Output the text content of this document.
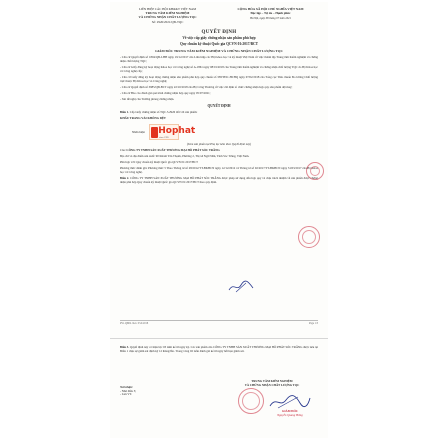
LIÊN HIỆP CÁC HỘI KH&KT VIỆT NAM
TRUNG TÂM KIỂM NGHIỆM
VÀ CHỨNG NHẬN CHẤT LƯỢNG TQC
Số: 2926/2021/QĐ-TQC
CỘNG HÒA XÃ HỘI CHỦ NGHĨA VIỆT NAM
Độc lập – Tự do – Hạnh phúc
Hà Nội, ngày 08 tháng 07 năm 2021
QUYẾT ĐỊNH
Về việc cấp giấy chứng nhận sản phẩm phù hợp
Quy chuẩn kỹ thuật Quốc gia QCVN 01:2017/BCT
GIÁM ĐỐC TRUNG TÂM KIỂM NGHIỆM VÀ CHỨNG NHẬN CHẤT LƯỢNG TQC
- Căn cứ Quyết định số 1804/QĐ-LHH ngày 19/12/2017 của Liên hiệp các Hội khoa học và kỹ thuật Việt Nam về việc thành lập Trung tâm Kiểm nghiệm và chứng nhận chất lượng TQC;
- Căn cứ Giấy đăng ký hoạt động Khoa học và Công nghệ số A-1861 ngày 08/01/2018 của Trung tâm Kiểm nghiệm và chứng nhận chất lượng TQC do Bộ Khoa học và Công nghệ cấp;
- Căn cứ Giấy đăng ký hoạt động chứng nhận sản phẩm phù hợp quy chuẩn số 338/TĐC-HCHQ ngày 07/02/2018 của Tổng cục Tiêu chuẩn Đo lường Chất lượng trực thuộc Bộ Khoa học và Công nghệ;
- Căn cứ Quyết định số 3985/QĐ-BCT ngày 22/10/2018 của Bộ Công Thương về việc chỉ định tổ chức chứng nhận hợp quy sản phẩm dệt may;
- Căn cứ Báo cáo đánh giá quá trình chứng nhận hợp quy ngày 05/07/2021;
- Xét đề nghị của Trưởng phòng chứng nhận.
QUYẾT ĐỊNH
Điều 1. Cấp Giấy chứng nhận số TQC.5.2926 đối với sản phẩm:
KHẨU TRANG VẢI KHÔNG DỆT
Nhãn hiệu: Hophat
since 1995
(Xem sản phẩm tại Phụ lục kèm theo Quyết định này)
Của: CÔNG TY TNHH SẢN XUẤT THƯƠNG MẠI HỒ PHÁT SÓC TRĂNG
Địa chỉ và địa điểm sản xuất: 90 Khóm Tân Thạnh, Phường 2, Thị xã Ngã Năm, Tỉnh Sóc Trăng, Việt Nam.
Phù hợp với: Quy chuẩn kỹ thuật Quốc gia QCVN 01:2017/BCT
Phương thức đánh giá: Phương thức 5 Theo Thông tư số 28/2012/TT-BKHCN ngày 12/12/2012 và Thông tư số 02/2017/TT-BKHCN ngày 31/03/2017 của Bộ Khoa học và Công nghệ.
Điều 2. CÔNG TY TNHH SẢN XUẤT THƯƠNG MẠI HỒ PHÁT SÓC TRĂNG được phép sử dụng dấu hợp quy và chịu trách nhiệm về sản phẩm được chứng nhận phù hợp Quy chuẩn kỹ thuật Quốc gia QCVN 01:2017/BCT theo quy định.
PS1.QĐ02. Rev. 03.9.2018	Page 1/3
Điều 3. Quyết định này có hiệu lực 03 năm kể từ ngày ký. Các sản phẩm của CÔNG TY TNHH SẢN XUẤT THƯƠNG MẠI HỒ PHÁT SÓC TRĂNG được nêu tại Điều 1 chịu sự giám sát định kỳ 12 tháng/lần. Trong vòng 02 tuần đánh giá kể từ ngày hết hạn giám sát.
Nơi nhận:
- Như điều 3;
- Lưu VT.
TRUNG TÂM KIỂM NGHIỆM
VÀ CHỨNG NHẬN CHẤT LƯỢNG TQC
GIÁM ĐỐC
Nguyễn Quang Hưng
